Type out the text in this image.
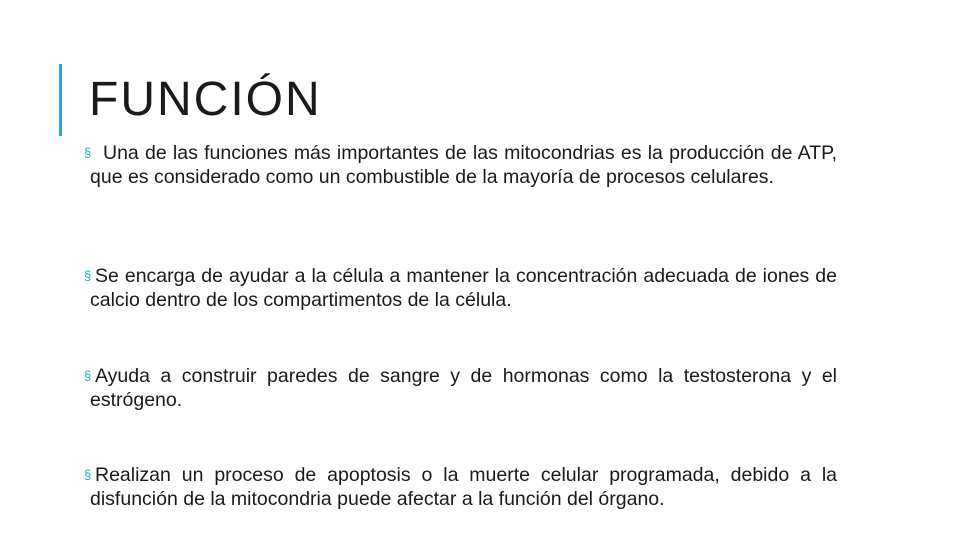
FUNCIÓN
§ Una de las funciones más importantes de las mitocondrias es la producción de ATP, que es considerado como un combustible de la mayoría de procesos celulares.
§ Se encarga de ayudar a la célula a mantener la concentración adecuada de iones de calcio dentro de los compartimentos de la célula.
§ Ayuda a construir paredes de sangre y de hormonas como la testosterona y el estrógeno.
§ Realizan un proceso de apoptosis o la muerte celular programada, debido a la disfunción de la mitocondria puede afectar a la función del órgano.
